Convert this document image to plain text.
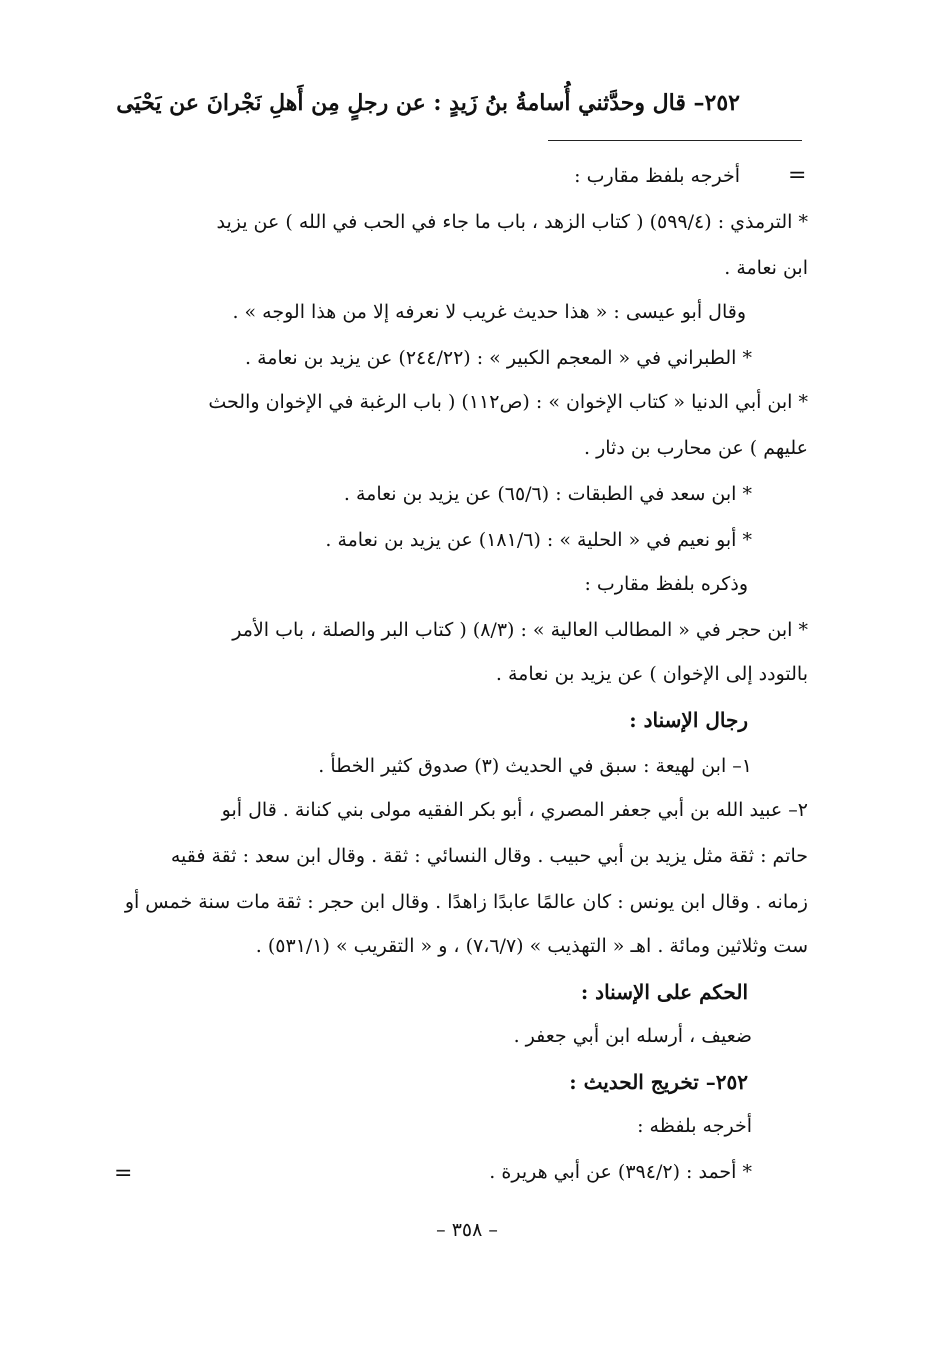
٢٥٢– قال وحدَّثني أُسامةُ بنُ زَيدٍ : عن رجلٍ مِن أَهلِ نَجْرانَ عن يَحْيَى
=
أخرجه بلفظ مقارب :
* الترمذي : (٥٩٩/٤) ( كتاب الزهد ، باب ما جاء في الحب في الله ) عن يزيد
ابن نعامة .
وقال أبو عيسى : « هذا حديث غريب لا نعرفه إلا من هذا الوجه » .
* الطبراني في « المعجم الكبير » : (٢٤٤/٢٢) عن يزيد بن نعامة .
* ابن أبي الدنيا « كتاب الإخوان » : (ص١١٢) ( باب الرغبة في الإخوان والحث
عليهم ) عن محارب بن دثار .
* ابن سعد في الطبقات : (٦٥/٦) عن يزيد بن نعامة .
* أبو نعيم في « الحلية » : (١٨١/٦) عن يزيد بن نعامة .
وذكره بلفظ مقارب :
* ابن حجر في « المطالب العالية » : (٨/٣) ( كتاب البر والصلة ، باب الأمر
بالتودد إلى الإخوان ) عن يزيد بن نعامة .
رجال الإسناد :
١– ابن لهيعة : سبق في الحديث (٣) صدوق كثير الخطأ .
٢– عبيد الله بن أبي جعفر المصري ، أبو بكر الفقيه مولى بني كنانة . قال أبو
حاتم : ثقة مثل يزيد بن أبي حبيب . وقال النسائي : ثقة . وقال ابن سعد : ثقة فقيه
زمانه . وقال ابن يونس : كان عالمًا عابدًا زاهدًا . وقال ابن حجر : ثقة مات سنة خمس أو
ست وثلاثين ومائة . اهـ « التهذيب » (٧،٦/٧) ، و « التقريب » (٥٣١/١) .
الحكم على الإسناد :
ضعيف ، أرسله ابن أبي جعفر .
٢٥٢– تخريج الحديث :
أخرجه بلفظه :
* أحمد : (٣٩٤/٢) عن أبي هريرة .
=
– ٣٥٨ –
